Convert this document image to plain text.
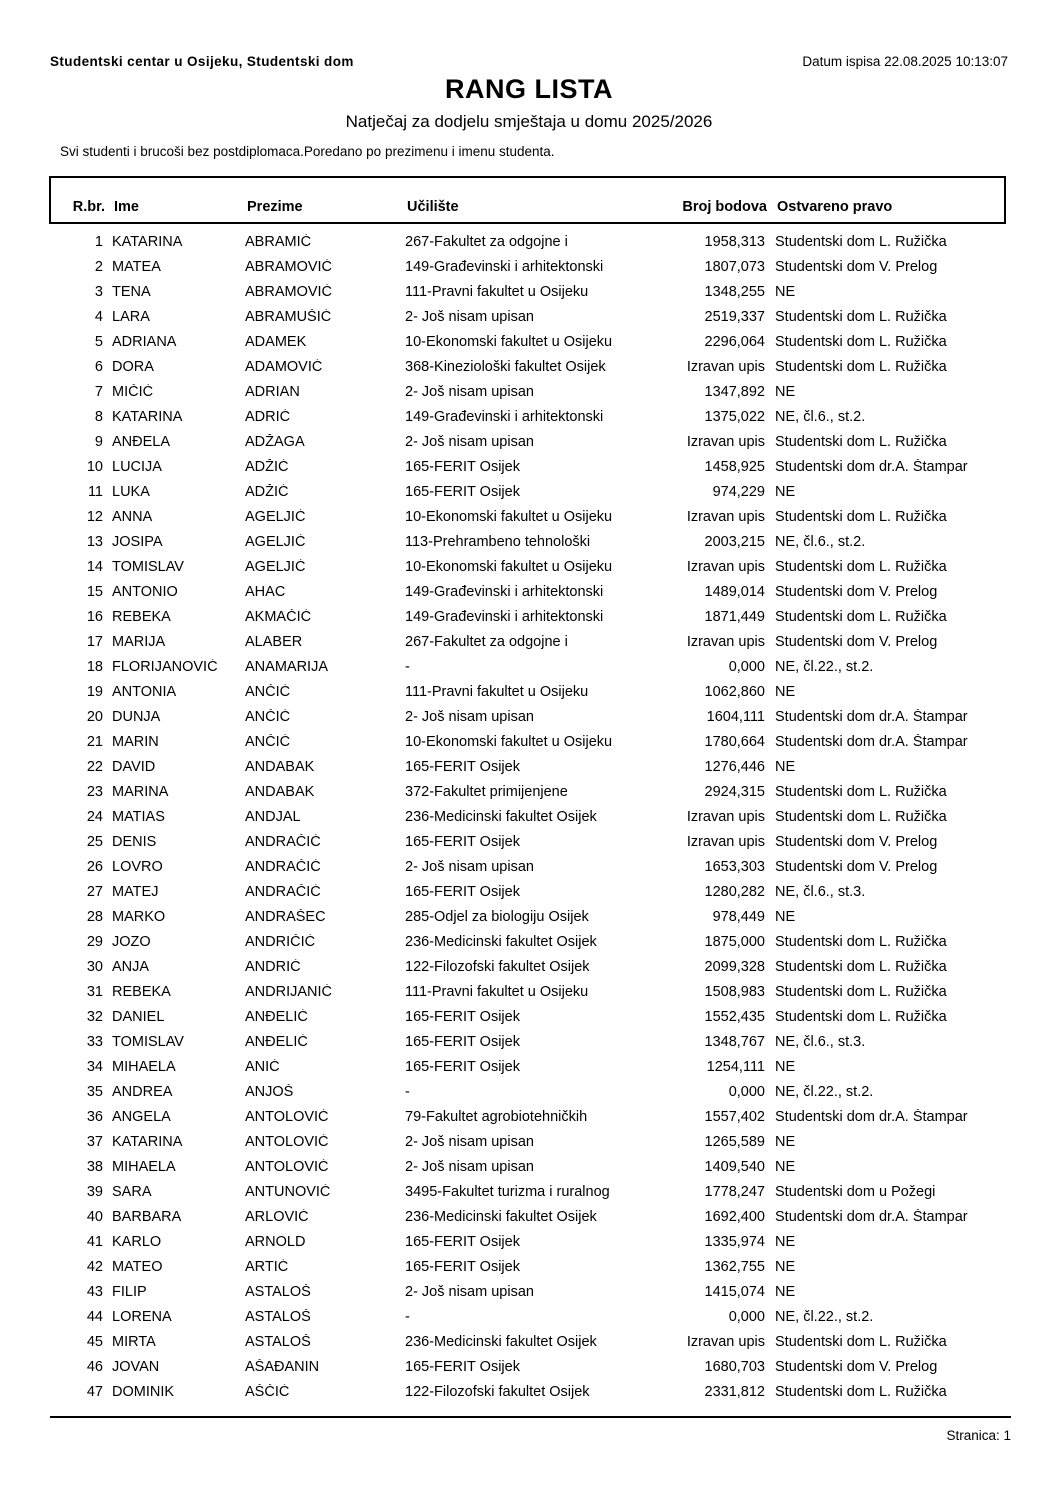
Studentski centar u Osijeku, Studentski dom	Datum ispisa 22.08.2025 10:13:07
RANG LISTA
Natječaj za dodjelu smještaja u domu 2025/2026
Svi studenti i brucoši bez postdiplomaca.Poredano po prezimenu i imenu studenta.
R.br. Ime	Prezime	Učilište	Broj bodova Ostvareno pravo
1 KATARINA	ABRAMIĆ	267-Fakultet za odgojne i	1958,313 Studentski dom L. Ružička
2 MATEA	ABRAMOVIĆ	149-Građevinski i arhitektonski	1807,073 Studentski dom V. Prelog
3 TENA	ABRAMOVIĆ	111-Pravni fakultet u Osijeku	1348,255 NE
4 LARA	ABRAMUŠIĆ	2- Još nisam upisan	2519,337 Studentski dom L. Ružička
5 ADRIANA	ADAMEK	10-Ekonomski fakultet u Osijeku	2296,064 Studentski dom L. Ružička
6 DORA	ADAMOVIĆ	368-Kineziološki fakultet Osijek	Izravan upis Studentski dom L. Ružička
7 MIČIĆ	ADRIAN	2- Još nisam upisan	1347,892 NE
8 KATARINA	ADRIĆ	149-Građevinski i arhitektonski	1375,022 NE, čl.6., st.2.
9 ANĐELA	ADŽAGA	2- Još nisam upisan	Izravan upis Studentski dom L. Ružička
10 LUCIJA	ADŽIĆ	165-FERIT Osijek	1458,925 Studentski dom dr.A. Štampar
11 LUKA	ADŽIĆ	165-FERIT Osijek	974,229 NE
12 ANNA	AGELJIĆ	10-Ekonomski fakultet u Osijeku	Izravan upis Studentski dom L. Ružička
13 JOSIPA	AGELJIĆ	113-Prehrambeno tehnološki	2003,215 NE, čl.6., st.2.
14 TOMISLAV	AGELJIĆ	10-Ekonomski fakultet u Osijeku	Izravan upis Studentski dom L. Ružička
15 ANTONIO	AHAC	149-Građevinski i arhitektonski	1489,014 Studentski dom V. Prelog
16 REBEKA	AKMAČIĆ	149-Građevinski i arhitektonski	1871,449 Studentski dom L. Ružička
17 MARIJA	ALABER	267-Fakultet za odgojne i	Izravan upis Studentski dom V. Prelog
18 FLORIJANOVIĆ	ANAMARIJA	-	0,000 NE, čl.22., st.2.
19 ANTONIA	ANČIĆ	111-Pravni fakultet u Osijeku	1062,860 NE
20 DUNJA	ANČIĆ	2- Još nisam upisan	1604,111 Studentski dom dr.A. Štampar
21 MARIN	ANČIĆ	10-Ekonomski fakultet u Osijeku	1780,664 Studentski dom dr.A. Štampar
22 DAVID	ANDABAK	165-FERIT Osijek	1276,446 NE
23 MARINA	ANDABAK	372-Fakultet primijenjene	2924,315 Studentski dom L. Ružička
24 MATIAS	ANDJAL	236-Medicinski fakultet Osijek	Izravan upis Studentski dom L. Ružička
25 DENIS	ANDRAČIĆ	165-FERIT Osijek	Izravan upis Studentski dom V. Prelog
26 LOVRO	ANDRAČIĆ	2- Još nisam upisan	1653,303 Studentski dom V. Prelog
27 MATEJ	ANDRAČIĆ	165-FERIT Osijek	1280,282 NE, čl.6., st.3.
28 MARKO	ANDRAŠEC	285-Odjel za biologiju Osijek	978,449 NE
29 JOZO	ANDRIČIĆ	236-Medicinski fakultet Osijek	1875,000 Studentski dom L. Ružička
30 ANJA	ANDRIĆ	122-Filozofski fakultet Osijek	2099,328 Studentski dom L. Ružička
31 REBEKA	ANDRIJANIĆ	111-Pravni fakultet u Osijeku	1508,983 Studentski dom L. Ružička
32 DANIEL	ANĐELIĆ	165-FERIT Osijek	1552,435 Studentski dom L. Ružička
33 TOMISLAV	ANĐELIĆ	165-FERIT Osijek	1348,767 NE, čl.6., st.3.
34 MIHAELA	ANIĆ	165-FERIT Osijek	1254,111 NE
35 ANDREA	ANJOŠ	-	0,000 NE, čl.22., st.2.
36 ANGELA	ANTOLOVIĆ	79-Fakultet agrobiotehničkih	1557,402 Studentski dom dr.A. Štampar
37 KATARINA	ANTOLOVIĆ	2- Još nisam upisan	1265,589 NE
38 MIHAELA	ANTOLOVIĆ	2- Još nisam upisan	1409,540 NE
39 SARA	ANTUNOVIĆ	3495-Fakultet turizma i ruralnog	1778,247 Studentski dom u Požegi
40 BARBARA	ARLOVIĆ	236-Medicinski fakultet Osijek	1692,400 Studentski dom dr.A. Štampar
41 KARLO	ARNOLD	165-FERIT Osijek	1335,974 NE
42 MATEO	ARTIĆ	165-FERIT Osijek	1362,755 NE
43 FILIP	ASTALOŠ	2- Još nisam upisan	1415,074 NE
44 LORENA	ASTALOŠ	-	0,000 NE, čl.22., st.2.
45 MIRTA	ASTALOŠ	236-Medicinski fakultet Osijek	Izravan upis Studentski dom L. Ružička
46 JOVAN	AŠAĐANIN	165-FERIT Osijek	1680,703 Studentski dom V. Prelog
47 DOMINIK	AŠČIĆ	122-Filozofski fakultet Osijek	2331,812 Studentski dom L. Ružička
Stranica: 1
